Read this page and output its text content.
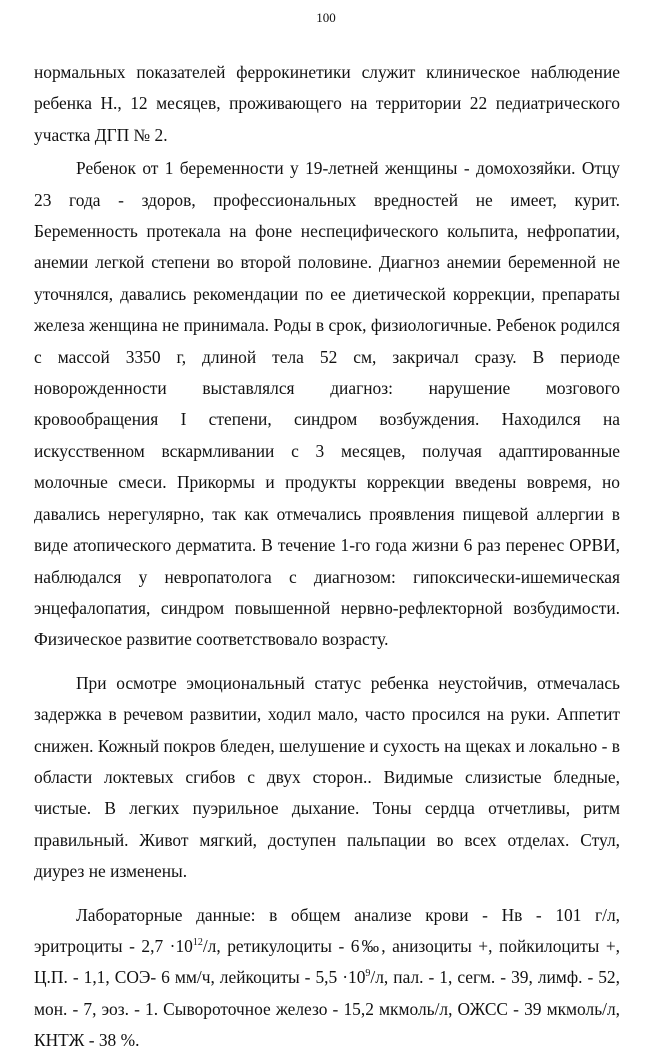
100

нормальных показателей феррокинетики служит клиническое наблюдение ребенка Н., 12 месяцев, проживающего на территории 22 педиатрического участка ДГП № 2.

Ребенок от 1 беременности у 19-летней женщины - домохозяйки. Отцу 23 года - здоров, профессиональных вредностей не имеет, курит. Беременность протекала на фоне неспецифического кольпита, нефропатии, анемии легкой степени во второй половине. Диагноз анемии беременной не уточнялся, давались рекомендации по ее диетической коррекции, препараты железа женщина не принимала. Роды в срок, физиологичные. Ребенок родился с массой 3350 г, длиной тела 52 см, закричал сразу. В периоде новорожденности выставлялся диагноз: нарушение мозгового кровообращения I степени, синдром возбуждения. Находился на искусственном вскармливании с 3 месяцев, получая адаптированные молочные смеси. Прикормы и продукты коррекции введены вовремя, но давались нерегулярно, так как отмечались проявления пищевой аллергии в виде атопического дерматита. В течение 1-го года жизни 6 раз перенес ОРВИ, наблюдался у невропатолога с диагнозом: гипоксически-ишемическая энцефалопатия, синдром повышенной нервно-рефлекторной возбудимости. Физическое развитие соответствовало возрасту.

При осмотре эмоциональный статус ребенка неустойчив, отмечалась задержка в речевом развитии, ходил мало, часто просился на руки. Аппетит снижен. Кожный покров бледен, шелушение и сухость на щеках и локально - в области локтевых сгибов с двух сторон.. Видимые слизистые бледные, чистые. В легких пуэрильное дыхание. Тоны сердца отчетливы, ритм правильный. Живот мягкий, доступен пальпации во всех отделах. Стул, диурез не изменены.

Лабораторные данные: в общем анализе крови - Нв - 101 г/л, эритроциты - $2,7 \cdot 10^{12}/л$, ретикулоциты - 6‰, анизоциты +, пойкилоциты +, Ц.П. - 1,1, СОЭ- 6 мм/ч, лейкоциты - $5,5 \cdot 10^9/л$, пал. - 1, сегм. - 39, лимф. - 52, мон. - 7, эоз. - 1. Сывороточное железо - 15,2 мкмоль/л, ОЖСС - 39 мкмоль/л, КНТЖ - 38 %.
